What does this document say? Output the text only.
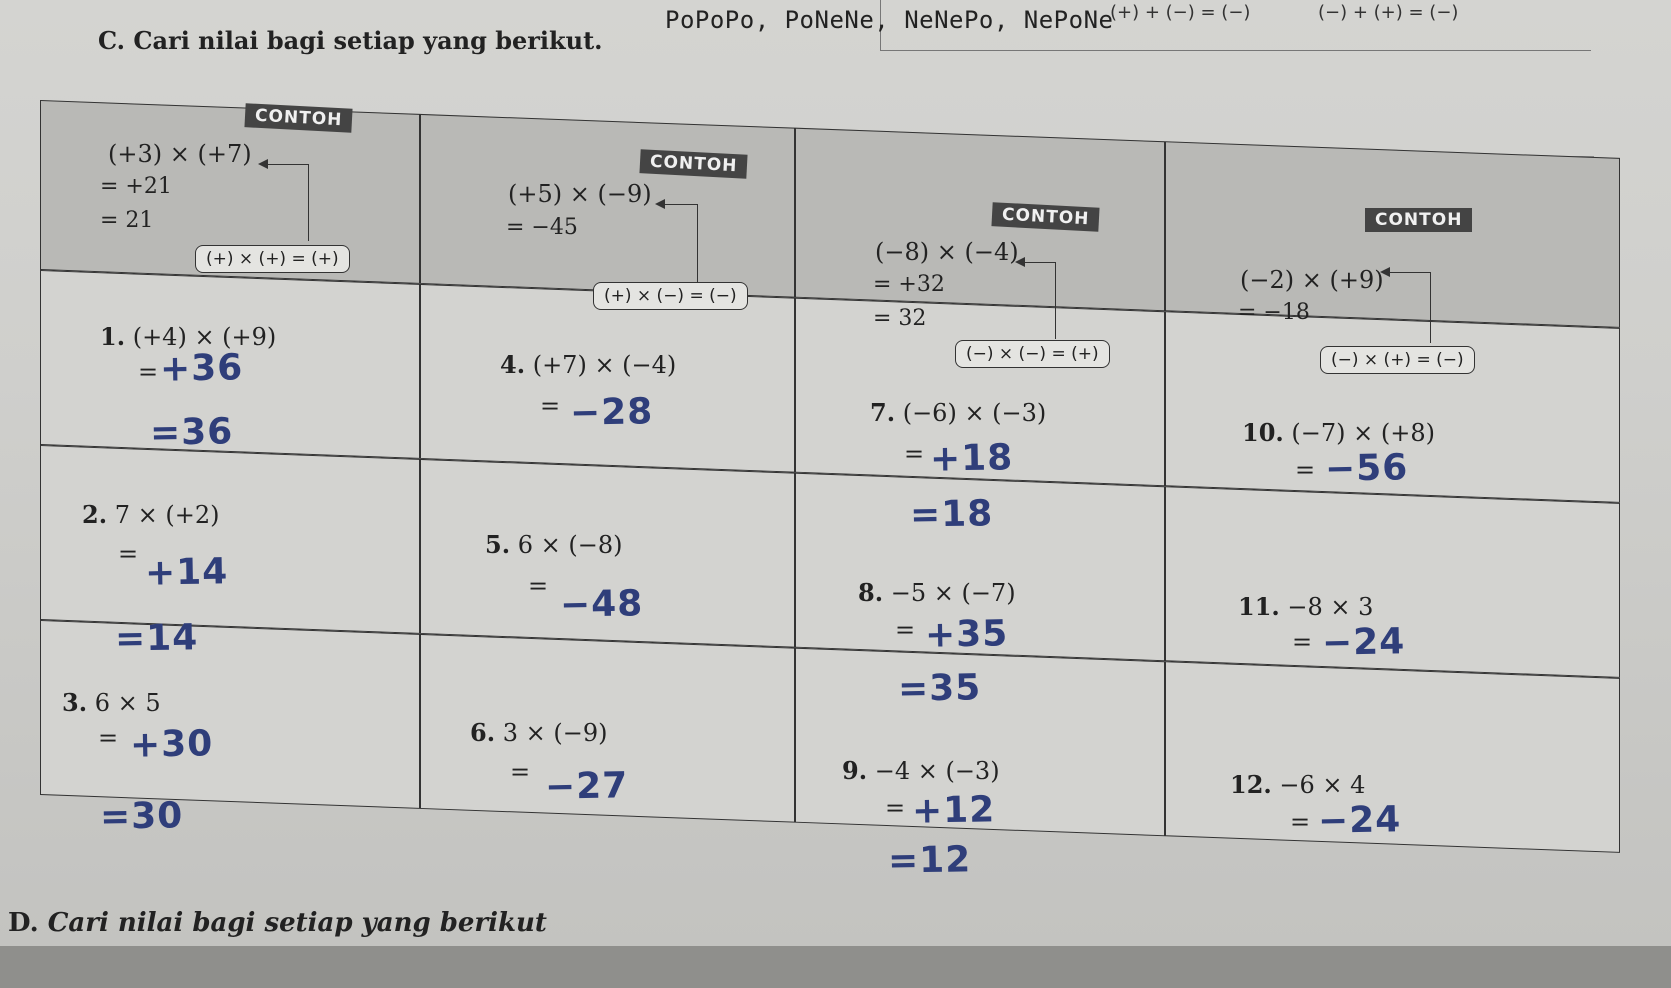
(+) + (−) = (−)	(−) + (+) = (−)
PoPoPo, PoNeNe, NeNePo, NePoNe
C. Cari nilai bagi setiap yang berikut.
CONTOH
(+3) × (+7)
= +21
= 21
(+) × (+) = (+)
CONTOH
(+5) × (−9)
= −45
(+) × (−) = (−)
CONTOH
(−8) × (−4)
= +32
= 32
(−) × (−) = (+)
CONTOH
(−2) × (+9)
= −18
(−) × (+) = (−)
1. (+4) × (+9)
= +36
=36
2. 7 × (+2)
= +14
=14
3. 6 × 5
= +30
=30
4. (+7) × (−4)
= −28
5. 6 × (−8)
= −48
6. 3 × (−9)
= −27
7. (−6) × (−3)
= +18
=18
8. −5 × (−7)
= +35
=35
9. −4 × (−3)
= +12
=12
10. (−7) × (+8)
= −56
11. −8 × 3
= −24
12. −6 × 4
= −24
D. Cari nilai bagi setiap yang berikut
